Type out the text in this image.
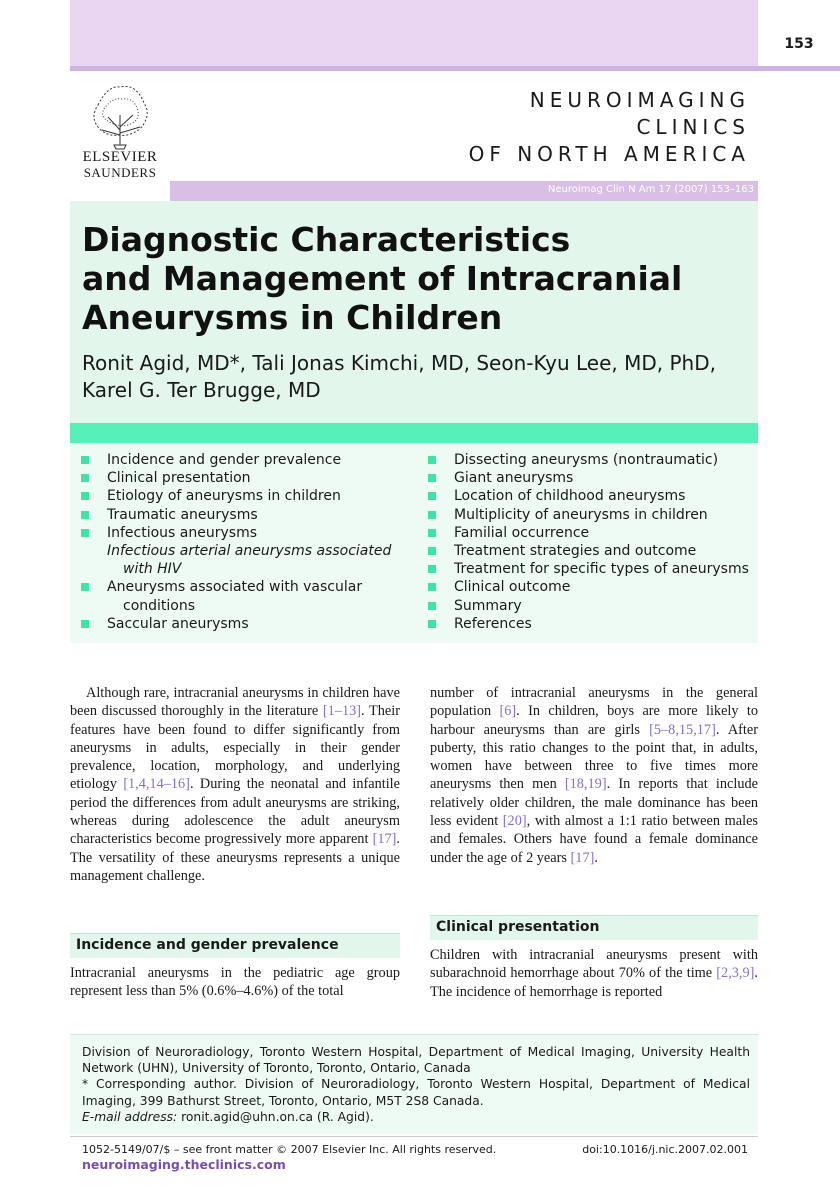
153
ELSEVIER
SAUNDERS
NEUROIMAGING
CLINICS
OF NORTH AMERICA
Neuroimag Clin N Am 17 (2007) 153–163
Diagnostic Characteristics
and Management of Intracranial
Aneurysms in Children
Ronit Agid, MD*, Tali Jonas Kimchi, MD, Seon-Kyu Lee, MD, PhD,
Karel G. Ter Brugge, MD
Incidence and gender prevalence
Clinical presentation
Etiology of aneurysms in children
Traumatic aneurysms
Infectious aneurysms
Infectious arterial aneurysms associated
with HIV
Aneurysms associated with vascular
conditions
Saccular aneurysms
Dissecting aneurysms (nontraumatic)
Giant aneurysms
Location of childhood aneurysms
Multiplicity of aneurysms in children
Familial occurrence
Treatment strategies and outcome
Treatment for specific types of aneurysms
Clinical outcome
Summary
References
Although rare, intracranial aneurysms in children have been discussed thoroughly in the literature [1–13]. Their features have been found to differ significantly from aneurysms in adults, especially in their gender prevalence, location, morphology, and underlying etiology [1,4,14–16]. During the neonatal and infantile period the differences from adult aneurysms are striking, whereas during adolescence the adult aneurysm characteristics become progressively more apparent [17]. The versatility of these aneurysms represents a unique management challenge.
Incidence and gender prevalence
Intracranial aneurysms in the pediatric age group represent less than 5% (0.6%–4.6%) of the total
number of intracranial aneurysms in the general population [6]. In children, boys are more likely to harbour aneurysms than are girls [5–8,15,17]. After puberty, this ratio changes to the point that, in adults, women have between three to five times more aneurysms then men [18,19]. In reports that include relatively older children, the male dominance has been less evident [20], with almost a 1:1 ratio between males and females. Others have found a female dominance under the age of 2 years [17].
Clinical presentation
Children with intracranial aneurysms present with subarachnoid hemorrhage about 70% of the time [2,3,9]. The incidence of hemorrhage is reported
Division of Neuroradiology, Toronto Western Hospital, Department of Medical Imaging, University Health Network (UHN), University of Toronto, Toronto, Ontario, Canada
* Corresponding author. Division of Neuroradiology, Toronto Western Hospital, Department of Medical Imaging, 399 Bathurst Street, Toronto, Ontario, M5T 2S8 Canada.
E-mail address: ronit.agid@uhn.on.ca (R. Agid).
1052-5149/07/$ – see front matter © 2007 Elsevier Inc. All rights reserved.	doi:10.1016/j.nic.2007.02.001
neuroimaging.theclinics.com
